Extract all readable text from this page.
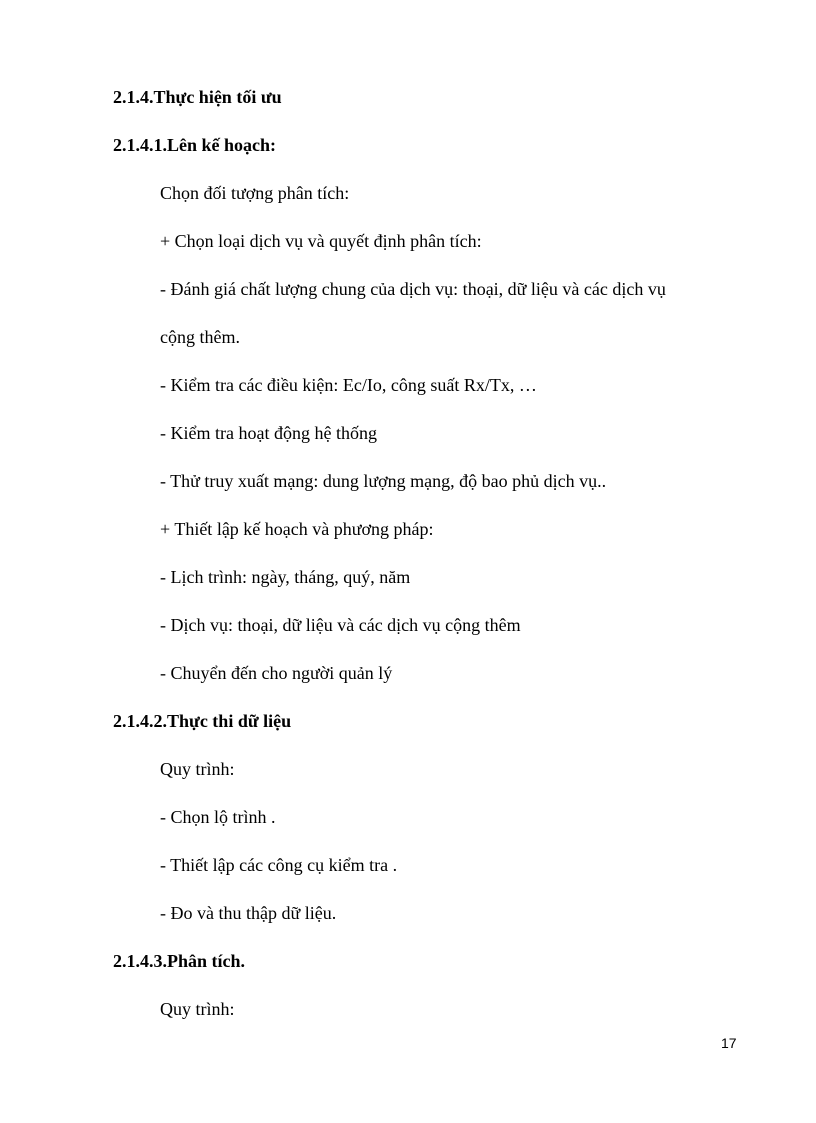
2.1.4.Thực hiện tối ưu
2.1.4.1.Lên kế hoạch:
Chọn đối tượng phân tích:
+ Chọn loại dịch vụ và quyết định phân tích:
- Đánh giá chất lượng chung của dịch vụ: thoại, dữ liệu và các dịch vụ
cộng thêm.
- Kiểm tra các điều kiện: Ec/Io, công suất Rx/Tx, …
- Kiểm tra hoạt động hệ thống
- Thử truy xuất mạng: dung lượng mạng, độ bao phủ dịch vụ..
+ Thiết lập kế hoạch và phương pháp:
- Lịch trình: ngày, tháng, quý, năm
- Dịch vụ: thoại, dữ liệu và các dịch vụ cộng thêm
- Chuyển đến cho người quản lý
2.1.4.2.Thực thi dữ liệu
Quy trình:
- Chọn lộ trình .
- Thiết lập các công cụ kiểm tra .
- Đo và thu thập dữ liệu.
2.1.4.3.Phân tích.
Quy trình:
17
